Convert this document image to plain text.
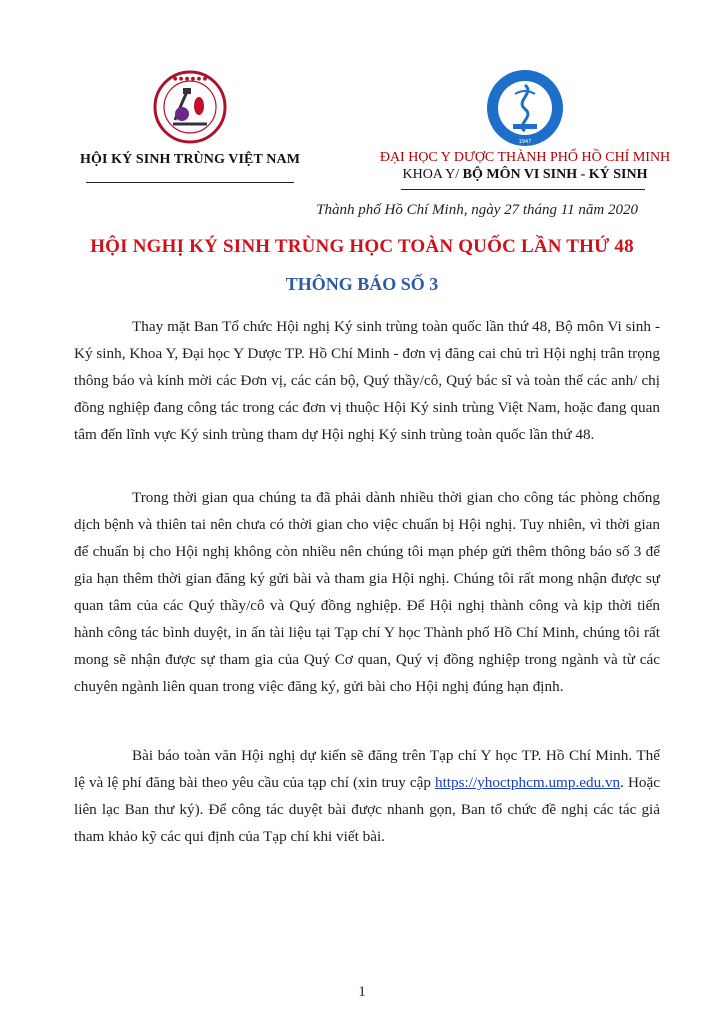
● ● ● ● ● ●
HỘI KÝ SINH TRÙNG VIỆT NAM
1947
ĐẠI HỌC Y DƯỢC THÀNH PHỐ HỒ CHÍ MINH
KHOA Y/ BỘ MÔN VI SINH - KÝ SINH
Thành phố Hồ Chí Minh, ngày 27 tháng 11 năm 2020
HỘI NGHỊ KÝ SINH TRÙNG HỌC TOÀN QUỐC LẦN THỨ 48
THÔNG BÁO SỐ 3

Thay mặt Ban Tổ chức Hội nghị Ký sinh trùng toàn quốc lần thứ 48, Bộ môn Vi sinh - Ký sinh, Khoa Y, Đại học Y Dược TP. Hồ Chí Minh - đơn vị đăng cai chủ trì Hội nghị trân trọng thông báo và kính mời các Đơn vị, các cán bộ, Quý thầy/cô, Quý bác sĩ và toàn thể các anh/ chị đồng nghiệp đang công tác trong các đơn vị thuộc Hội Ký sinh trùng Việt Nam, hoặc đang quan tâm đến lĩnh vực Ký sinh trùng tham dự Hội nghị Ký sinh trùng toàn quốc lần thứ 48.

Trong thời gian qua chúng ta đã phải dành nhiều thời gian cho công tác phòng chống dịch bệnh và thiên tai nên chưa có thời gian cho việc chuẩn bị Hội nghị. Tuy nhiên, vì thời gian để chuẩn bị cho Hội nghị không còn nhiều nên chúng tôi mạn phép gửi thêm thông báo số 3 để gia hạn thêm thời gian đăng ký gửi bài và tham gia Hội nghị. Chúng tôi rất mong nhận được sự quan tâm của các Quý thầy/cô và Quý đồng nghiệp. Để Hội nghị thành công và kịp thời tiến hành công tác bình duyệt, in ấn tài liệu tại Tạp chí Y học Thành phố Hồ Chí Minh, chúng tôi rất mong sẽ nhận được sự tham gia của Quý Cơ quan, Quý vị đồng nghiệp trong ngành và từ các chuyên ngành liên quan trong việc đăng ký, gửi bài cho Hội nghị đúng hạn định.

Bài báo toàn văn Hội nghị dự kiến sẽ đăng trên Tạp chí Y học TP. Hồ Chí Minh. Thể lệ và lệ phí đăng bài theo yêu cầu của tạp chí (xin truy cập https://yhoctphcm.ump.edu.vn. Hoặc liên lạc Ban thư ký). Để công tác duyệt bài được nhanh gọn, Ban tổ chức đề nghị các tác giả tham khảo kỹ các qui định của Tạp chí khi viết bài.

1
